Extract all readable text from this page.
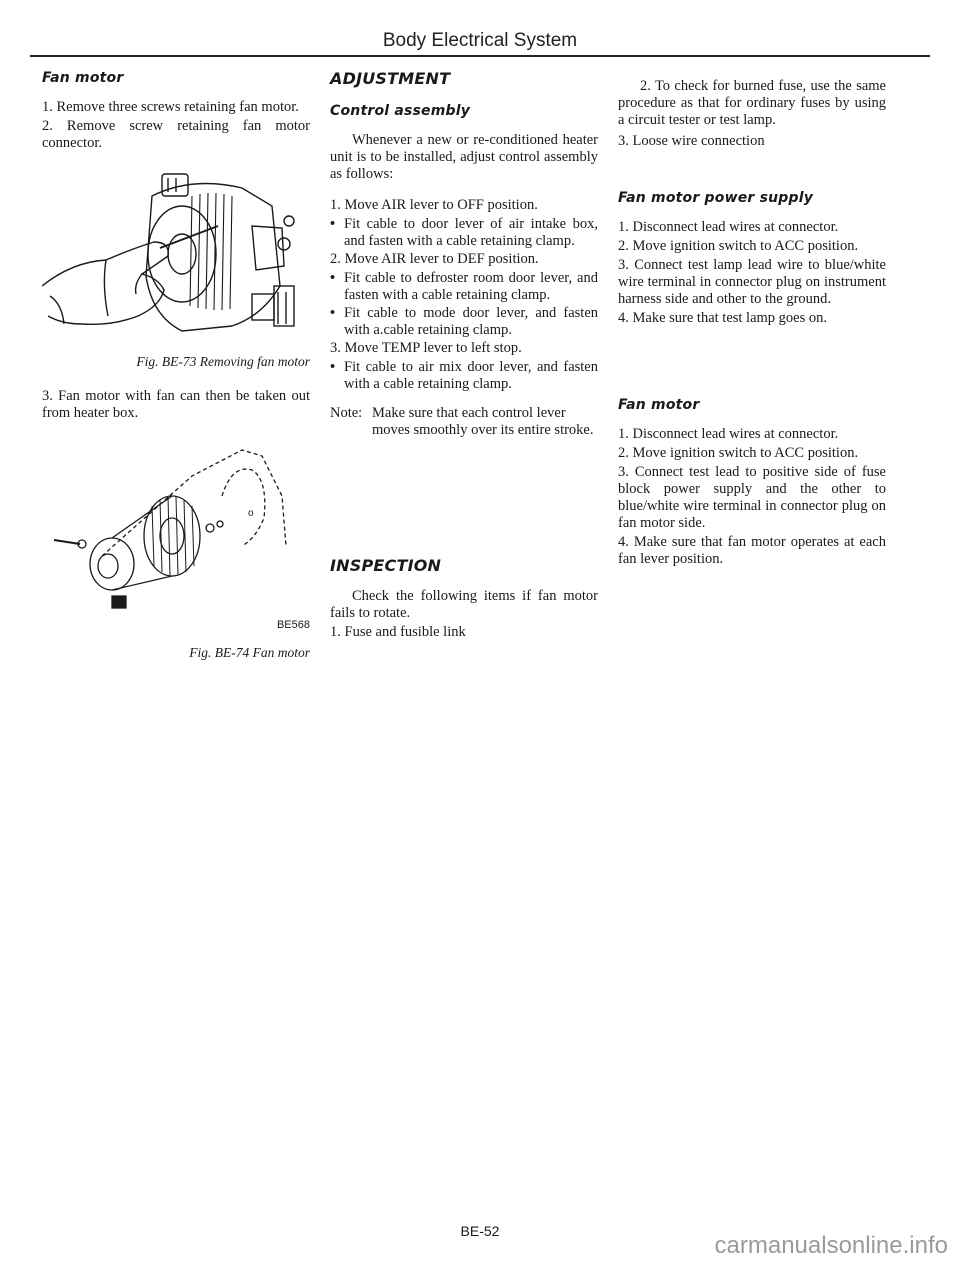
Body Electrical System
Fan motor

1. Remove three screws retaining fan motor.

2. Remove screw retaining fan motor connector.

Fig. BE-73 Removing fan motor

3. Fan motor with fan can then be taken out from heater box.

o
BE568
Fig. BE-74 Fan motor
ADJUSTMENT
Control assembly

Whenever a new or re-conditioned heater unit is to be installed, adjust control assembly as follows:

1. Move AIR lever to OFF position.

• Fit cable to door lever of air intake box, and fasten with a cable retaining clamp.

2. Move AIR lever to DEF position.

• Fit cable to defroster room door lever, and fasten with a cable retaining clamp.
• Fit cable to mode door lever, and fasten with a.cable retaining clamp.

3. Move TEMP lever to left stop.

• Fit cable to air mix door lever, and fasten with a cable retaining clamp.
Note: Make sure that each control lever moves smoothly over its entire stroke.
INSPECTION

Check the following items if fan motor fails to rotate.

1. Fuse and fusible link

2. To check for burned fuse, use the same procedure as that for ordinary fuses by using a circuit tester or test lamp.

3. Loose wire connection

Fan motor power supply

1. Disconnect lead wires at connector.

2. Move ignition switch to ACC position.

3. Connect test lamp lead wire to blue/white wire terminal in connector plug on instrument harness side and other to the ground.

4. Make sure that test lamp goes on.

Fan motor

1. Disconnect lead wires at connector.

2. Move ignition switch to ACC position.

3. Connect test lead to positive side of fuse block power supply and the other to blue/white wire terminal in connector plug on fan motor side.

4. Make sure that fan motor operates at each fan lever position.

BE-52
carmanualsonline.info
